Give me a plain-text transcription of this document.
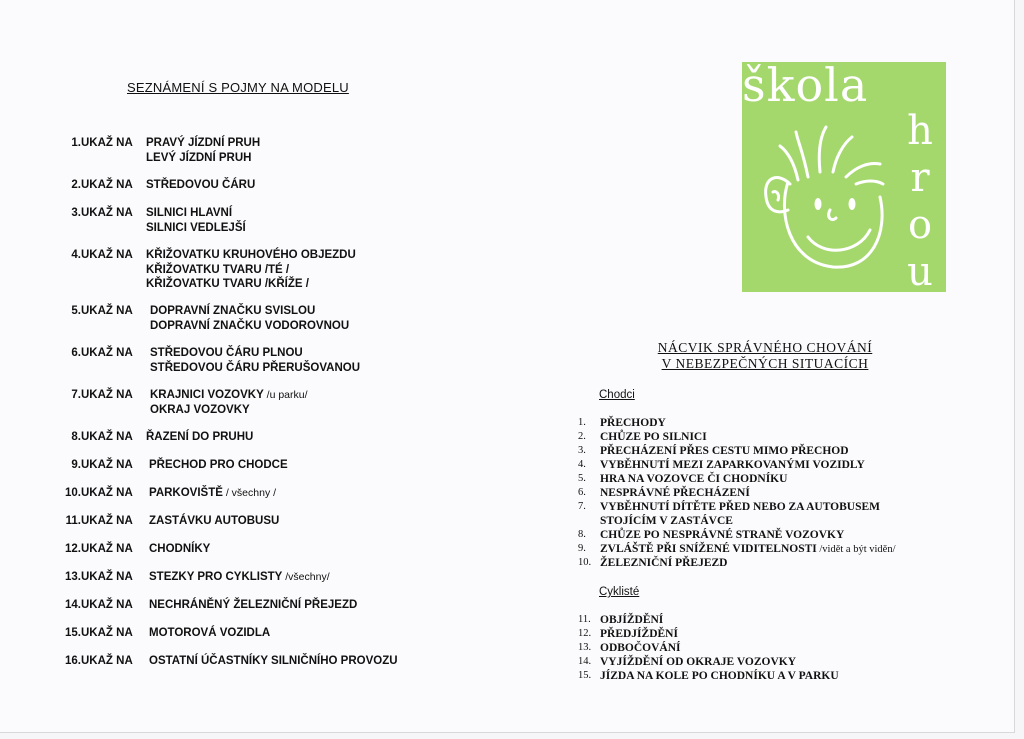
SEZNÁMENÍ S POJMY NA MODELU
1. UKAŽ NA PRAVÝ JÍZDNÍ PRUH
LEVÝ JÍZDNÍ PRUH
2. UKAŽ NA STŘEDOVOU ČÁRU
3. UKAŽ NA SILNICI HLAVNÍ
SILNICI VEDLEJŠÍ
4. UKAŽ NA KŘIŽOVATKU KRUHOVÉHO OBJEZDU
KŘIŽOVATKU TVARU /TÉ /
KŘIŽOVATKU TVARU /KŘÍŽE /
5. UKAŽ NA DOPRAVNÍ ZNAČKU SVISLOU
DOPRAVNÍ ZNAČKU VODOROVNOU
6. UKAŽ NA STŘEDOVOU ČÁRU PLNOU
STŘEDOVOU ČÁRU PŘERUŠOVANOU
7. UKAŽ NA KRAJNICI VOZOVKY /u parku/
OKRAJ VOZOVKY
8. UKAŽ NA ŘAZENÍ DO PRUHU
9. UKAŽ NA PŘECHOD PRO CHODCE
10. UKAŽ NA PARKOVIŠTĚ / všechny /
11. UKAŽ NA ZASTÁVKU AUTOBUSU
12. UKAŽ NA CHODNÍKY
13. UKAŽ NA STEZKY PRO CYKLISTY /všechny/
14. UKAŽ NA NECHRÁNĚNÝ ŽELEZNIČNÍ PŘEJEZD
15. UKAŽ NA MOTOROVÁ VOZIDLA
16. UKAŽ NA OSTATNÍ ÚČASTNÍKY SILNIČNÍHO PROVOZU
škola
h
r
o
u
NÁCVIK SPRÁVNÉHO CHOVÁNÍ
V NEBEZPEČNÝCH SITUACÍCH
Chodci
1.	PŘECHODY
2.	CHŮZE PO SILNICI
3.	PŘECHÁZENÍ PŘES CESTU MIMO PŘECHOD
4.	VYBĚHNUTÍ MEZI ZAPARKOVANÝMI VOZIDLY
5.	HRA NA VOZOVCE ČI CHODNÍKU
6.	NESPRÁVNÉ PŘECHÁZENÍ
7.	VYBĚHNUTÍ DÍTĚTE PŘED NEBO ZA AUTOBUSEM
STOJÍCÍM V ZASTÁVCE
8.	CHŮZE PO NESPRÁVNÉ STRANĚ VOZOVKY
9.	ZVLÁŠTĚ PŘI SNÍŽENÉ VIDITELNOSTI /vidět a být viděn/
10. ŽELEZNIČNÍ PŘEJEZD
Cyklisté
11. OBJÍŽDĚNÍ
12. PŘEDJÍŽDĚNÍ
13. ODBOČOVÁNÍ
14. VYJÍŽDĚNÍ OD OKRAJE VOZOVKY
15. JÍZDA NA KOLE PO CHODNÍKU A V PARKU
